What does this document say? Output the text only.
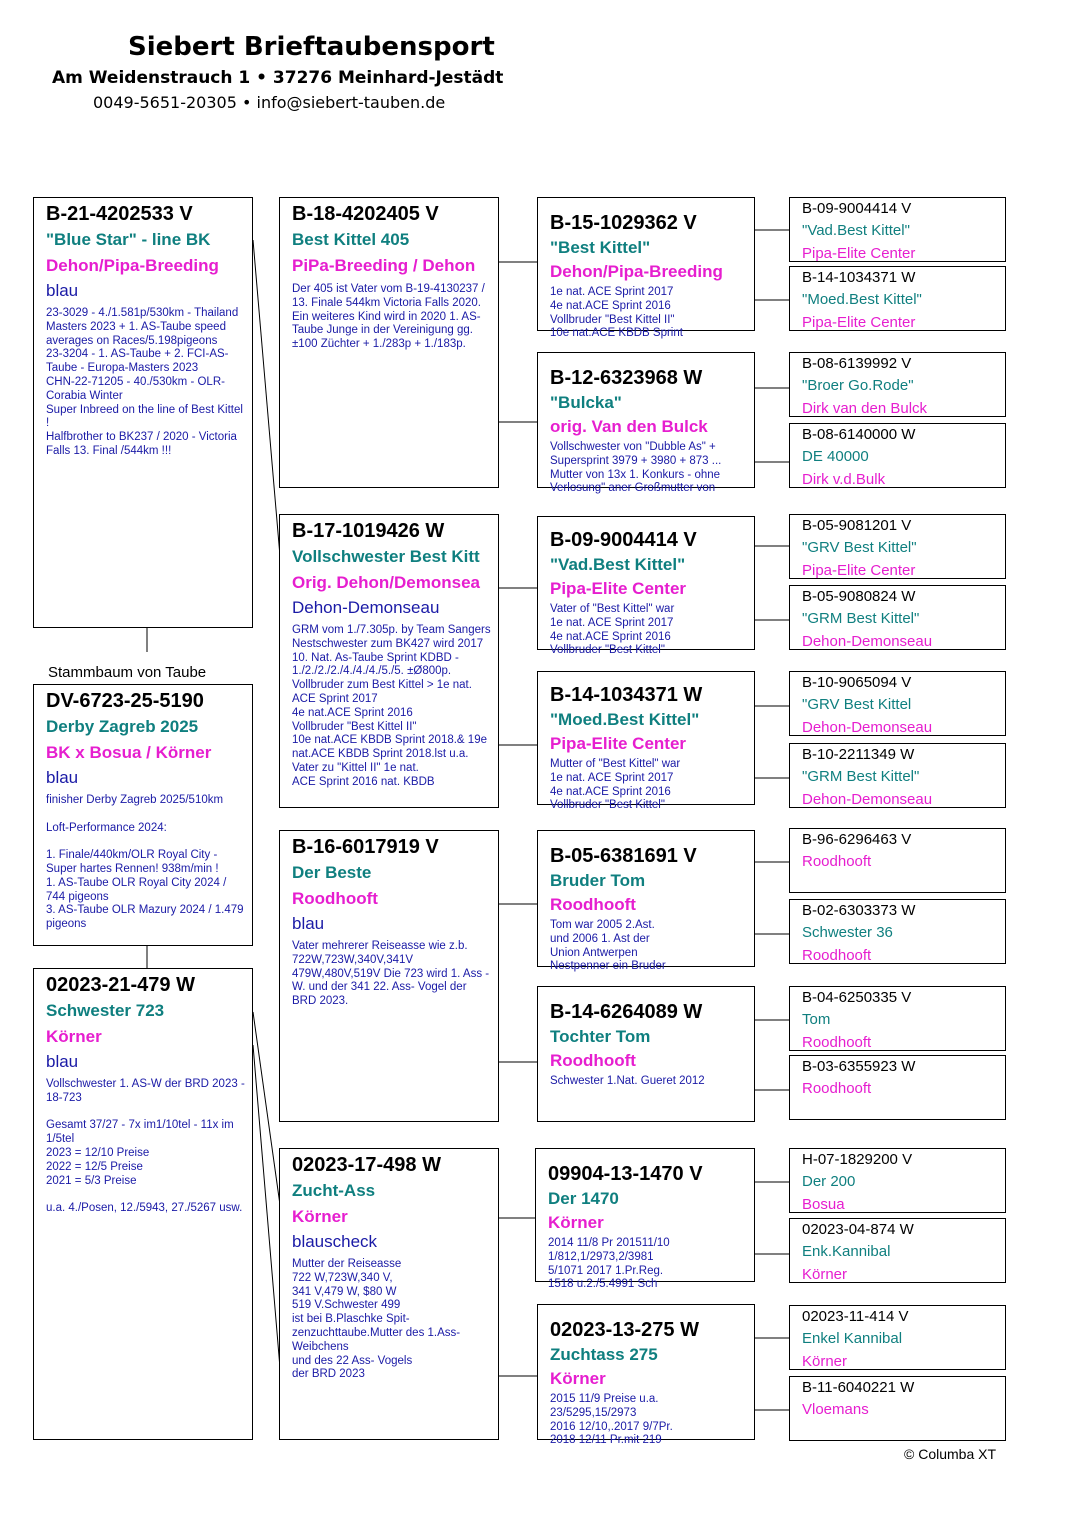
Siebert Brieftaubensport
Am Weidenstrauch 1 • 37276 Meinhard-Jestädt
0049-5651-20305 • info@siebert-tauben.de
Stammbaum von Taube
DV-6723-25-5190
Derby Zagreb 2025
BK x Bosua / Körner
blau
finisher Derby Zagreb 2025/510km

Loft-Performance 2024:

1. Finale/440km/OLR Royal City - Super hartes Rennen! 938m/min !
1. AS-Taube OLR Royal City 2024 / 744 pigeons
3. AS-Taube OLR Mazury 2024 / 1.479 pigeons
B-21-4202533 V
"Blue Star" - line BK
Dehon/Pipa-Breeding
blau
23-3029 - 4./1.581p/530km - Thailand Masters 2023 + 1. AS-Taube speed averages on Races/5.198pigeons
23-3204 - 1. AS-Taube + 2. FCI-AS-Taube - Europa-Masters 2023
CHN-22-71205 - 40./530km - OLR-Corabia Winter
Super Inbreed on the line of Best Kittel !
Halfbrother to BK237 / 2020 - Victoria Falls 13. Final /544km !!!
02023-21-479 W
Schwester 723
Körner
blau
Vollschwester 1. AS-W der BRD 2023 - 18-723

Gesamt 37/27 - 7x im1/10tel - 11x im 1/5tel
2023 = 12/10 Preise
2022 = 12/5 Preise
2021 = 5/3 Preise

u.a. 4./Posen, 12./5943, 27./5267 usw.
B-18-4202405 V
Best Kittel 405
PiPa-Breeding / Dehon
Der 405 ist Vater vom B-19-4130237 / 13. Finale 544km Victoria Falls 2020. Ein weiteres Kind wird in 2020 1. AS-Taube Junge in der Vereinigung gg. ±100 Züchter + 1./283p + 1./183p.
B-17-1019426 W
Vollschwester Best Kitt
Orig. Dehon/Demonsea
Dehon-Demonseau
GRM vom 1./7.305p. by Team Sangers
Nestschwester zum BK427 wird 2017 10. Nat. As-Taube Sprint KDBD - 1./2./2./2./4./4./4./5./5. ±Ø800p.
Vollbruder zum Best Kittel > 1e nat. ACE Sprint 2017
4e nat.ACE Sprint 2016
Vollbruder "Best Kittel II"
10e nat.ACE KBDB Sprint 2018.& 19e nat.ACE KBDB Sprint 2018.lst u.a.
Vater zu "Kittel II" 1e nat.
ACE Sprint 2016 nat. KBDB
B-16-6017919 V
Der Beste
Roodhooft
blau
Vater mehrerer Reiseasse wie z.b. 722W,723W,340V,341V 479W,480V,519V Die 723 wird 1. Ass -W. und der 341 22. Ass- Vogel der BRD 2023.
02023-17-498 W
Zucht-Ass
Körner
blauscheck
Mutter der Reiseasse
722 W,723W,340 V,
341 V,479 W, $80 W
519 V.Schwester 499
ist bei B.Plaschke Spit-
zenzuchttaube.Mutter des 1.Ass-
Weibchens
und des 22 Ass- Vogels
der BRD 2023
B-15-1029362 V
"Best Kittel"
Dehon/Pipa-Breeding
1e nat. ACE Sprint 2017
4e nat.ACE Sprint 2016
Vollbruder "Best Kittel II"
10e nat.ACE KBDB Sprint
B-12-6323968 W
"Bulcka"
orig. Van den Bulck
Vollschwester von "Dubble As" + Supersprint 3979 + 3980 + 873 ...
Mutter von 13x 1. Konkurs - ohne Verlosung" aner Großmutter von
B-09-9004414 V
"Vad.Best Kittel"
Pipa-Elite Center
Vater of "Best Kittel" war
1e nat. ACE Sprint 2017
4e nat.ACE Sprint 2016
Vollbruder "Best Kittel"
B-14-1034371 W
"Moed.Best Kittel"
Pipa-Elite Center
Mutter of "Best Kittel" war
1e nat. ACE Sprint 2017
4e nat.ACE Sprint 2016
Vollbruder "Best Kittel"
B-05-6381691 V
Bruder Tom
Roodhooft
Tom war 2005 2.Ast.
und 2006 1. Ast der
Union Antwerpen
Nestpenner ein Bruder
B-14-6264089 W
Tochter Tom
Roodhooft
Schwester 1.Nat. Gueret 2012
09904-13-1470 V
Der 1470
Körner
2014 11/8 Pr 201511/10
1/812,1/2973,2/3981
5/1071 2017 1.Pr.Reg.
1518 u.2./5.4991 Sch
02023-13-275 W
Zuchtass 275
Körner
2015 11/9 Preise u.a.
23/5295,15/2973
2016 12/10,.2017 9/7Pr.
2018 12/11 Pr.mit 219
B-09-9004414 V
"Vad.Best Kittel"
Pipa-Elite Center
B-14-1034371 W
"Moed.Best Kittel"
Pipa-Elite Center
B-08-6139992 V
"Broer Go.Rode"
Dirk van den Bulck
B-08-6140000 W
DE 40000
Dirk v.d.Bulk
B-05-9081201 V
"GRV Best Kittel"
Pipa-Elite Center
B-05-9080824 W
"GRM Best Kittel"
Dehon-Demonseau
B-10-9065094 V
"GRV Best Kittel
Dehon-Demonseau
B-10-2211349 W
"GRM Best Kittel"
Dehon-Demonseau
B-96-6296463 V
Roodhooft
B-02-6303373 W
Schwester 36
Roodhooft
B-04-6250335 V
Tom
Roodhooft
B-03-6355923 W
Roodhooft
H-07-1829200 V
Der 200
Bosua
02023-04-874 W
Enk.Kannibal
Körner
02023-11-414 V
Enkel Kannibal
Körner
B-11-6040221 W
Vloemans
© Columba XT
